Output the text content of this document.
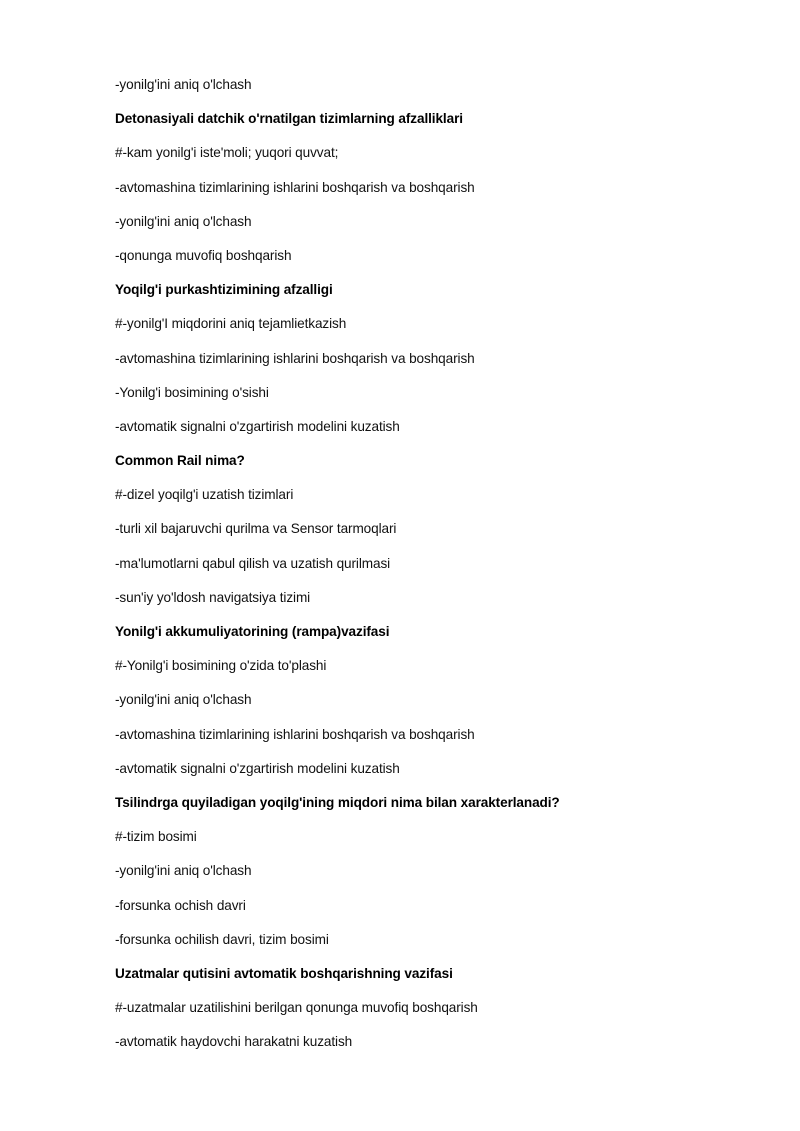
-yonilg'ini aniq o'lchash
Detonasiyali datchik o'rnatilgan tizimlarning afzalliklari
#-kam yonilg'i iste'moli; yuqori quvvat;
-avtomashina tizimlarining ishlarini boshqarish va boshqarish
-yonilg'ini aniq o'lchash
-qonunga muvofiq boshqarish
Yoqilg'i purkashtizimining afzalligi
#-yonilg'I miqdorini aniq tejamlietkazish
-avtomashina tizimlarining ishlarini boshqarish va boshqarish
-Yonilg'i bosimining o'sishi
-avtomatik signalni o'zgartirish modelini kuzatish
Common Rail nima?
#-dizel yoqilg'i uzatish tizimlari
-turli xil bajaruvchi qurilma va Sensor tarmoqlari
-ma'lumotlarni qabul qilish va uzatish qurilmasi
-sun'iy yo'ldosh navigatsiya tizimi
Yonilg'i akkumuliyatorining (rampa)vazifasi
#-Yonilg'i bosimining o'zida to'plashi
-yonilg'ini aniq o'lchash
-avtomashina tizimlarining ishlarini boshqarish va boshqarish
-avtomatik signalni o'zgartirish modelini kuzatish
Tsilindrga quyiladigan yoqilg'ining miqdori nima bilan xarakterlanadi?
#-tizim bosimi
-yonilg'ini aniq o'lchash
-forsunka ochish davri
-forsunka ochilish davri, tizim bosimi
Uzatmalar qutisini avtomatik boshqarishning vazifasi
#-uzatmalar uzatilishini berilgan qonunga muvofiq boshqarish
-avtomatik haydovchi harakatni kuzatish
